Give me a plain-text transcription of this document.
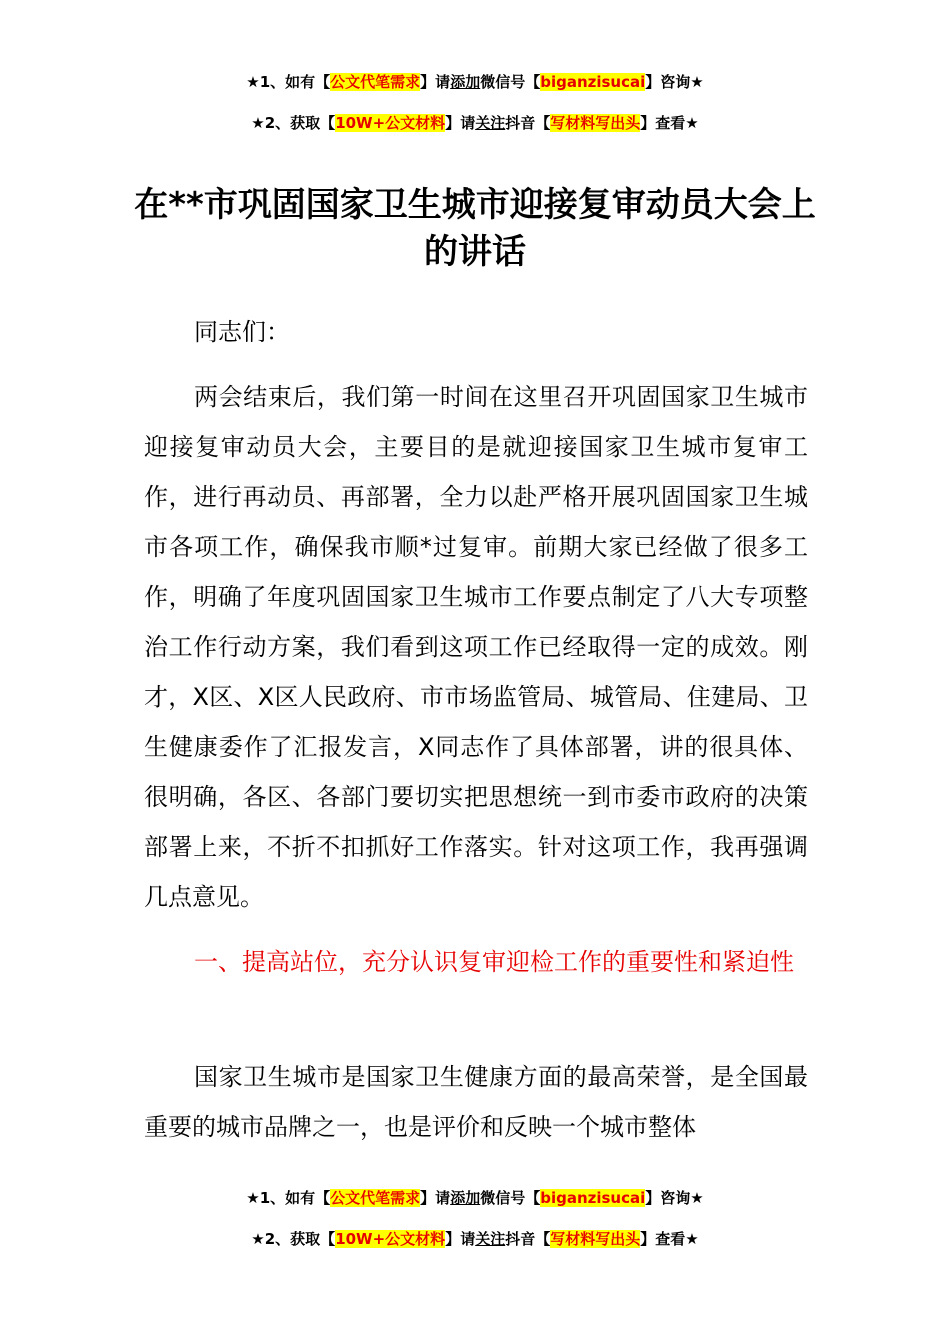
★1、如有【公文代笔需求】请添加微信号【biganzisucai】咨询★
★2、获取【10W+公文材料】请关注抖音【写材料写出头】查看★
在**市巩固国家卫生城市迎接复审动员大会上的讲话

同志们：

两会结束后，我们第一时间在这里召开巩固国家卫生城市迎接复审动员大会，主要目的是就迎接国家卫生城市复审工作，进行再动员、再部署，全力以赴严格开展巩固国家卫生城市各项工作，确保我市顺*过复审。前期大家已经做了很多工作，明确了年度巩固国家卫生城市工作要点制定了八大专项整治工作行动方案，我们看到这项工作已经取得一定的成效。刚才，X区、X区人民政府、市市场监管局、城管局、住建局、卫生健康委作了汇报发言，X同志作了具体部署，讲的很具体、很明确，各区、各部门要切实把思想统一到市委市政府的决策部署上来，不折不扣抓好工作落实。针对这项工作，我再强调几点意见。

一、提高站位，充分认识复审迎检工作的重要性和紧迫性

国家卫生城市是国家卫生健康方面的最高荣誉，是全国最重要的城市品牌之一，也是评价和反映一个城市整体

★1、如有【公文代笔需求】请添加微信号【biganzisucai】咨询★
★2、获取【10W+公文材料】请关注抖音【写材料写出头】查看★
